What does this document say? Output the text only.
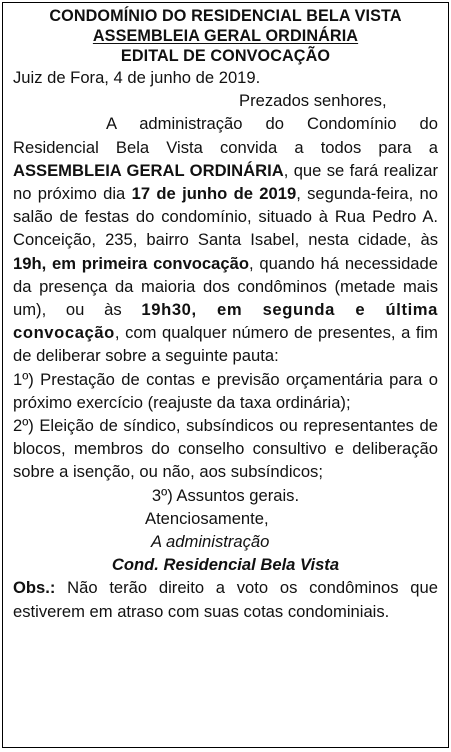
CONDOMÍNIO DO RESIDENCIAL BELA VISTA
ASSEMBLEIA GERAL ORDINÁRIA
EDITAL DE CONVOCAÇÃO

Juiz de Fora, 4 de junho de 2019.

Prezados senhores,

A administração do Condomínio do Residencial Bela Vista convida a todos para a ASSEMBLEIA GERAL ORDINÁRIA, que se fará realizar no próximo dia 17 de junho de 2019, segunda-feira, no salão de festas do condomínio, situado à Rua Pedro A. Conceição, 235, bairro Santa Isabel, nesta cidade, às 19h, em primeira convocação, quando há necessidade da presença da maioria dos condôminos (metade mais um), ou às 19h30, em segunda e última convocação, com qualquer número de presentes, a fim de deliberar sobre a seguinte pauta:

1º) Prestação de contas e previsão orçamentária para o próximo exercício (reajuste da taxa ordinária);

2º) Eleição de síndico, subsíndicos ou representantes de blocos, membros do conselho consultivo e deliberação sobre a isenção, ou não, aos subsíndicos;

3º) Assuntos gerais.

Atenciosamente,

A administração

Cond. Residencial Bela Vista

Obs.: Não terão direito a voto os condôminos que estiverem em atraso com suas cotas condominiais.
